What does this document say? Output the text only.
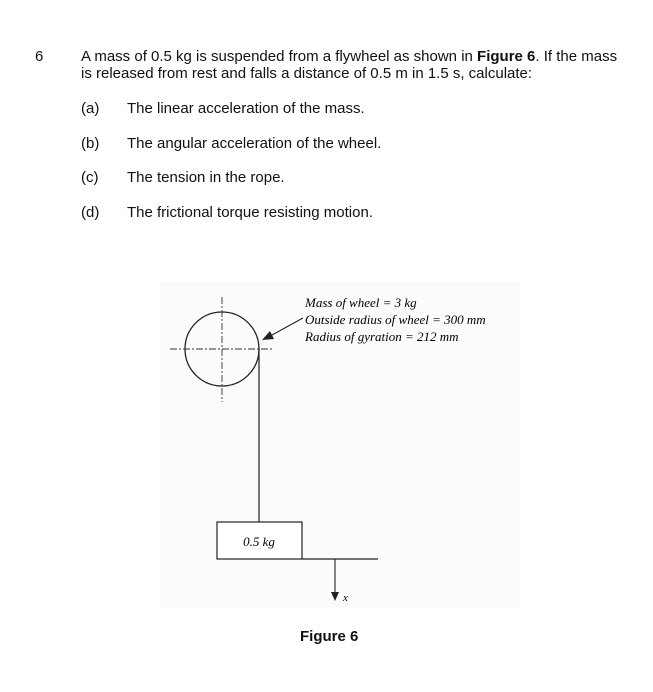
6	A mass of 0.5 kg is suspended from a flywheel as shown in Figure 6. If the mass is released from rest and falls a distance of 0.5 m in 1.5 s, calculate:
(a) The linear acceleration of the mass.
(b) The angular acceleration of the wheel.
(c) The tension in the rope.
(d) The frictional torque resisting motion.
0.5 kg
x
Mass of wheel = 3 kg
Outside radius of wheel = 300 mm
Radius of gyration = 212 mm
Figure 6
